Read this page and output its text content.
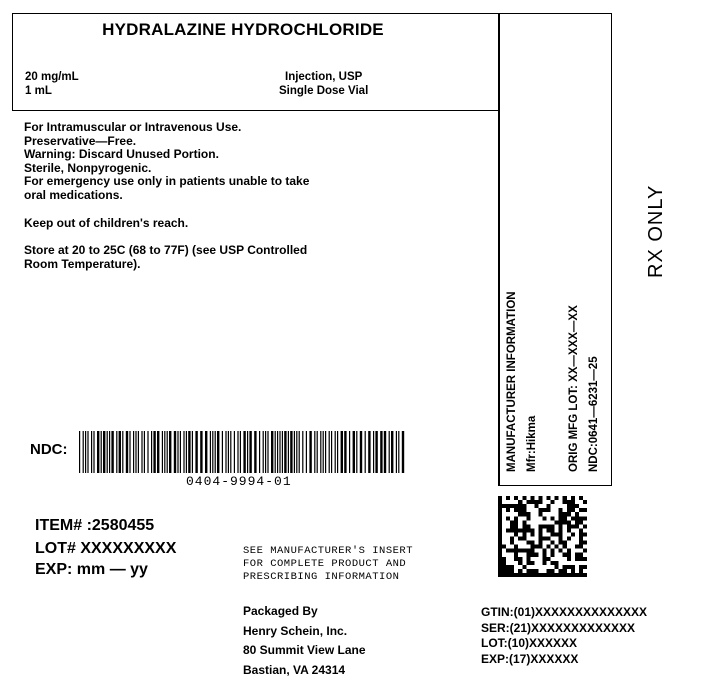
HYDRALAZINE HYDROCHLORIDE
20 mg/mL
1 mL
Injection, USP
Single Dose Vial

For Intramuscular or Intravenous Use.

Preservative—Free.

Warning: Discard Unused Portion.

Sterile, Nonpyrogenic.

For emergency use only in patients unable to take

oral medications.

Keep out of children's reach.

Store at 20 to 25C (68 to 77F) (see USP Controlled

Room Temperature).

MANUFACTURER INFORMATION Mfr:Hikma	ORIG MFG LOT: XX—XXX—XX NDC:0641—6231—25
RX ONLY
NDC:
0404-9994-01
ITEM# :2580455
LOT# XXXXXXXXX
EXP: mm — yy

SEE MANUFACTURER'S INSERT

FOR COMPLETE PRODUCT AND

PRESCRIBING INFORMATION

Packaged By

Henry Schein, Inc.

80 Summit View Lane

Bastian, VA 24314

GTIN:(01)XXXXXXXXXXXXXX

SER:(21)XXXXXXXXXXXXX

LOT:(10)XXXXXX

EXP:(17)XXXXXX
